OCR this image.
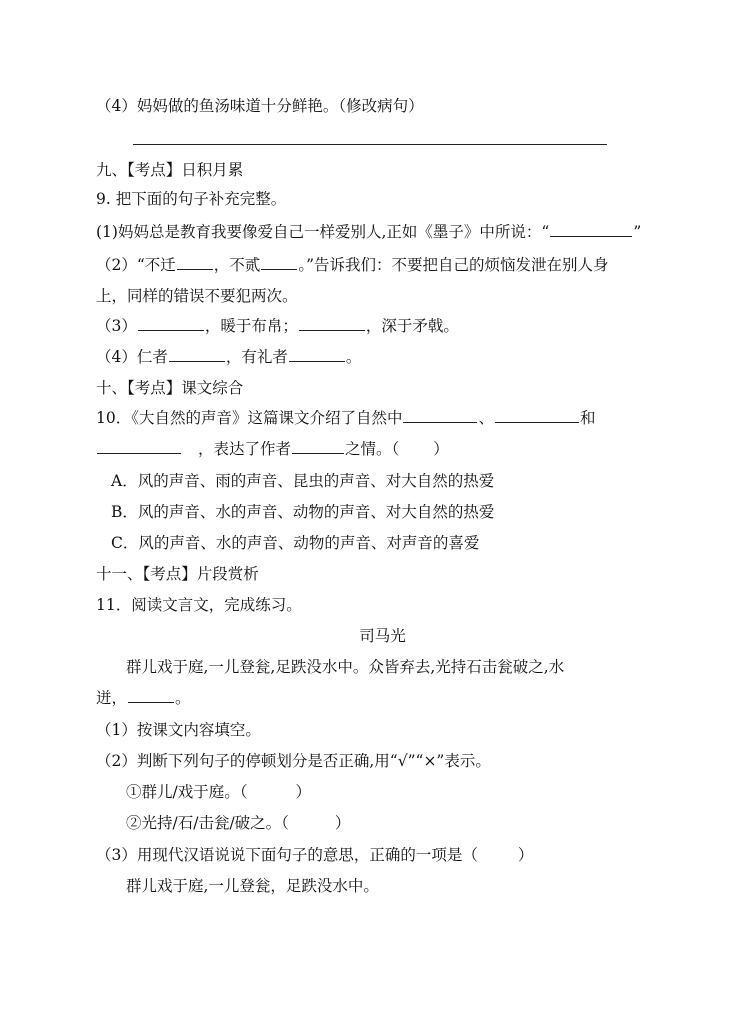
（4）妈妈做的鱼汤味道十分鲜艳。（修改病句）
九、【考点】日积月累
9. 把下面的句子补充完整。
(1)妈妈总是教育我要像爱自己一样爱别人,正如《墨子》中所说：“	”
（2）“不迁 ，不贰 。”告诉我们：不要把自己的烦恼发泄在别人身
上，同样的错误不要犯两次。
（3）	，暖于布帛；	，深于矛戟。
（4）仁者	，有礼者	。
十、【考点】课文综合
10．《大自然的声音》这篇课文介绍了自然中	、	和
，表达了作者	之情。（ ）
A．风的声音、雨的声音、昆虫的声音、对大自然的热爱
B．风的声音、水的声音、动物的声音、对大自然的热爱
C．风的声音、水的声音、动物的声音、对声音的喜爱
十一、【考点】片段赏析
11．阅读文言文，完成练习。
司马光
群儿戏于庭,一儿登瓮,足跌没水中。众皆弃去,光持石击瓮破之,水
迸，	。
（1）按课文内容填空。
（2）判断下列句子的停顿划分是否正确,用“√”“×”表示。
①群儿/戏于庭。（	）
②光持/石/击瓮/破之。（	）
（3）用现代汉语说说下面句子的意思，正确的一项是（	）
群儿戏于庭,一儿登瓮，足跌没水中。
